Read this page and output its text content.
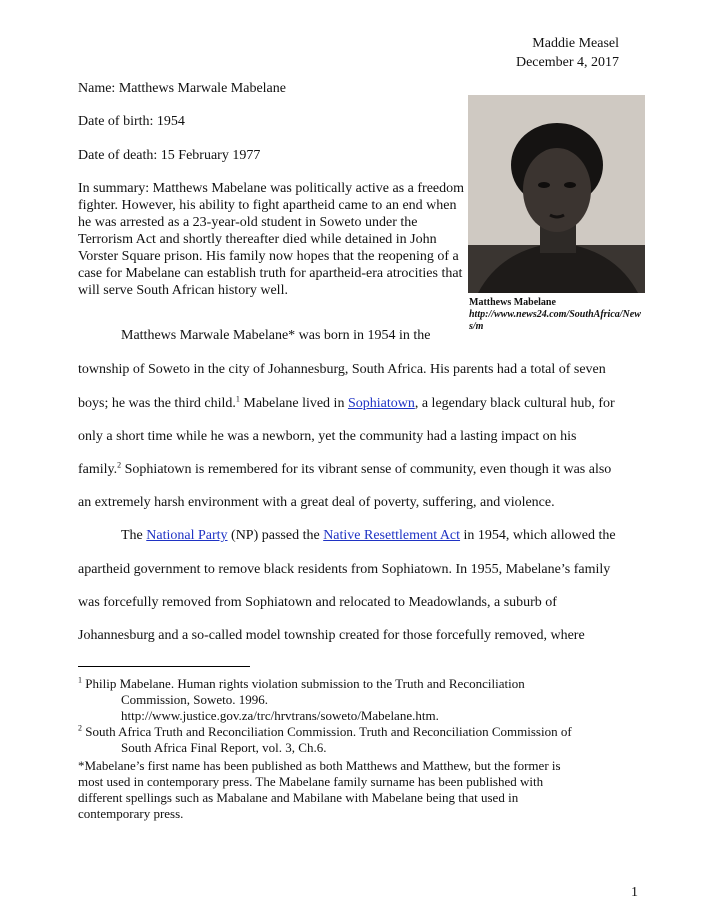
Maddie Measel
December 4, 2017
Name: Matthews Marwale Mabelane
Date of birth: 1954
Date of death: 15 February 1977
In summary: Matthews Mabelane was politically active as a freedom fighter. However, his ability to fight apartheid came to an end when he was arrested as a 23-year-old student in Soweto under the Terrorism Act and shortly thereafter died while detained in John Vorster Square prison. His family now hopes that the reopening of a case for Mabelane can establish truth for apartheid-era atrocities that will serve South African history well.
Matthews Mabelane
http://www.news24.com/SouthAfrica/News/m
Matthews Marwale Mabelane* was born in 1954 in the
township of Soweto in the city of Johannesburg, South Africa. His parents had a total of seven
boys; he was the third child.$^1$ Mabelane lived in Sophiatown, a legendary black cultural hub, for
only a short time while he was a newborn, yet the community had a lasting impact on his
family.$^2$ Sophiatown is remembered for its vibrant sense of community, even though it was also
an extremely harsh environment with a great deal of poverty, suffering, and violence.
The National Party (NP) passed the Native Resettlement Act in 1954, which allowed the
apartheid government to remove black residents from Sophiatown. In 1955, Mabelane’s family
was forcefully removed from Sophiatown and relocated to Meadowlands, a suburb of
Johannesburg and a so-called model township created for those forcefully removed, where
$^1$ Philip Mabelane. Human rights violation submission to the Truth and Reconciliation
Commission, Soweto. 1996.
http://www.justice.gov.za/trc/hrvtrans/soweto/Mabelane.htm.
$^2$ South Africa Truth and Reconciliation Commission. Truth and Reconciliation Commission of
South Africa Final Report, vol. 3, Ch.6.
*Mabelane’s first name has been published as both Matthews and Matthew, but the former is
most used in contemporary press. The Mabelane family surname has been published with
different spellings such as Mabalane and Mabilane with Mabelane being that used in
contemporary press.
1
